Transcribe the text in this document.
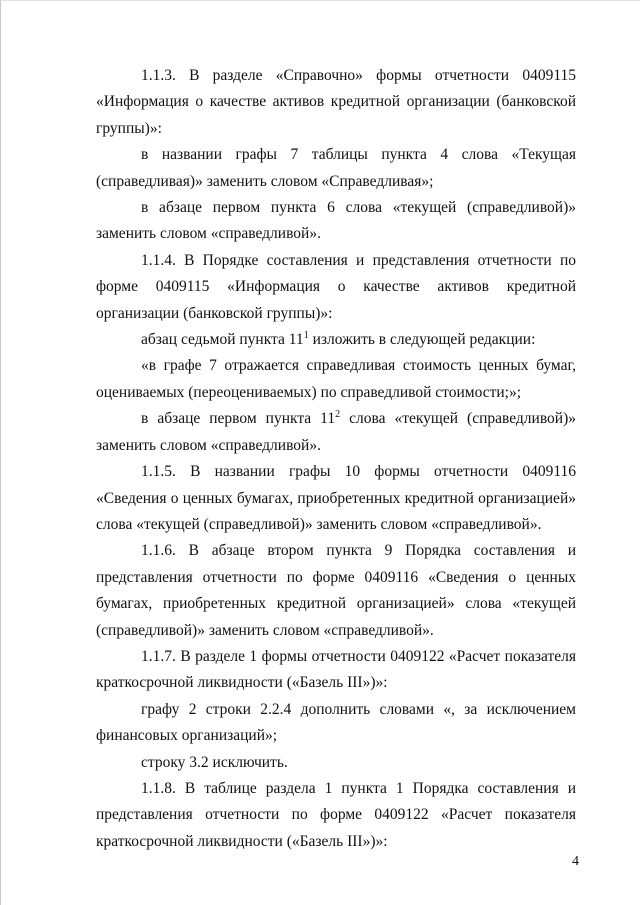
1.1.3. В разделе «Справочно» формы отчетности 0409115 «Информация о качестве активов кредитной организации (банковской группы)»:

в названии графы 7 таблицы пункта 4 слова «Текущая (справедливая)» заменить словом «Справедливая»;

в абзаце первом пункта 6 слова «текущей (справедливой)» заменить словом «справедливой».

1.1.4. В Порядке составления и представления отчетности по форме 0409115 «Информация о качестве активов кредитной организации (банковской группы)»:

абзац седьмой пункта $11^1$ изложить в следующей редакции:

«в графе 7 отражается справедливая стоимость ценных бумаг, оцениваемых (переоцениваемых) по справедливой стоимости;»;

в абзаце первом пункта $11^2$ слова «текущей (справедливой)» заменить словом «справедливой».

1.1.5. В названии графы 10 формы отчетности 0409116 «Сведения о ценных бумагах, приобретенных кредитной организацией» слова «текущей (справедливой)» заменить словом «справедливой».

1.1.6. В абзаце втором пункта 9 Порядка составления и представления отчетности по форме 0409116 «Сведения о ценных бумагах, приобретенных кредитной организацией» слова «текущей (справедливой)» заменить словом «справедливой».

1.1.7. В разделе 1 формы отчетности 0409122 «Расчет показателя краткосрочной ликвидности («Базель III»)»:

графу 2 строки 2.2.4 дополнить словами «, за исключением финансовых организаций»;

строку 3.2 исключить.

1.1.8. В таблице раздела 1 пункта 1 Порядка составления и представления отчетности по форме 0409122 «Расчет показателя краткосрочной ликвидности («Базель III»)»:

4
